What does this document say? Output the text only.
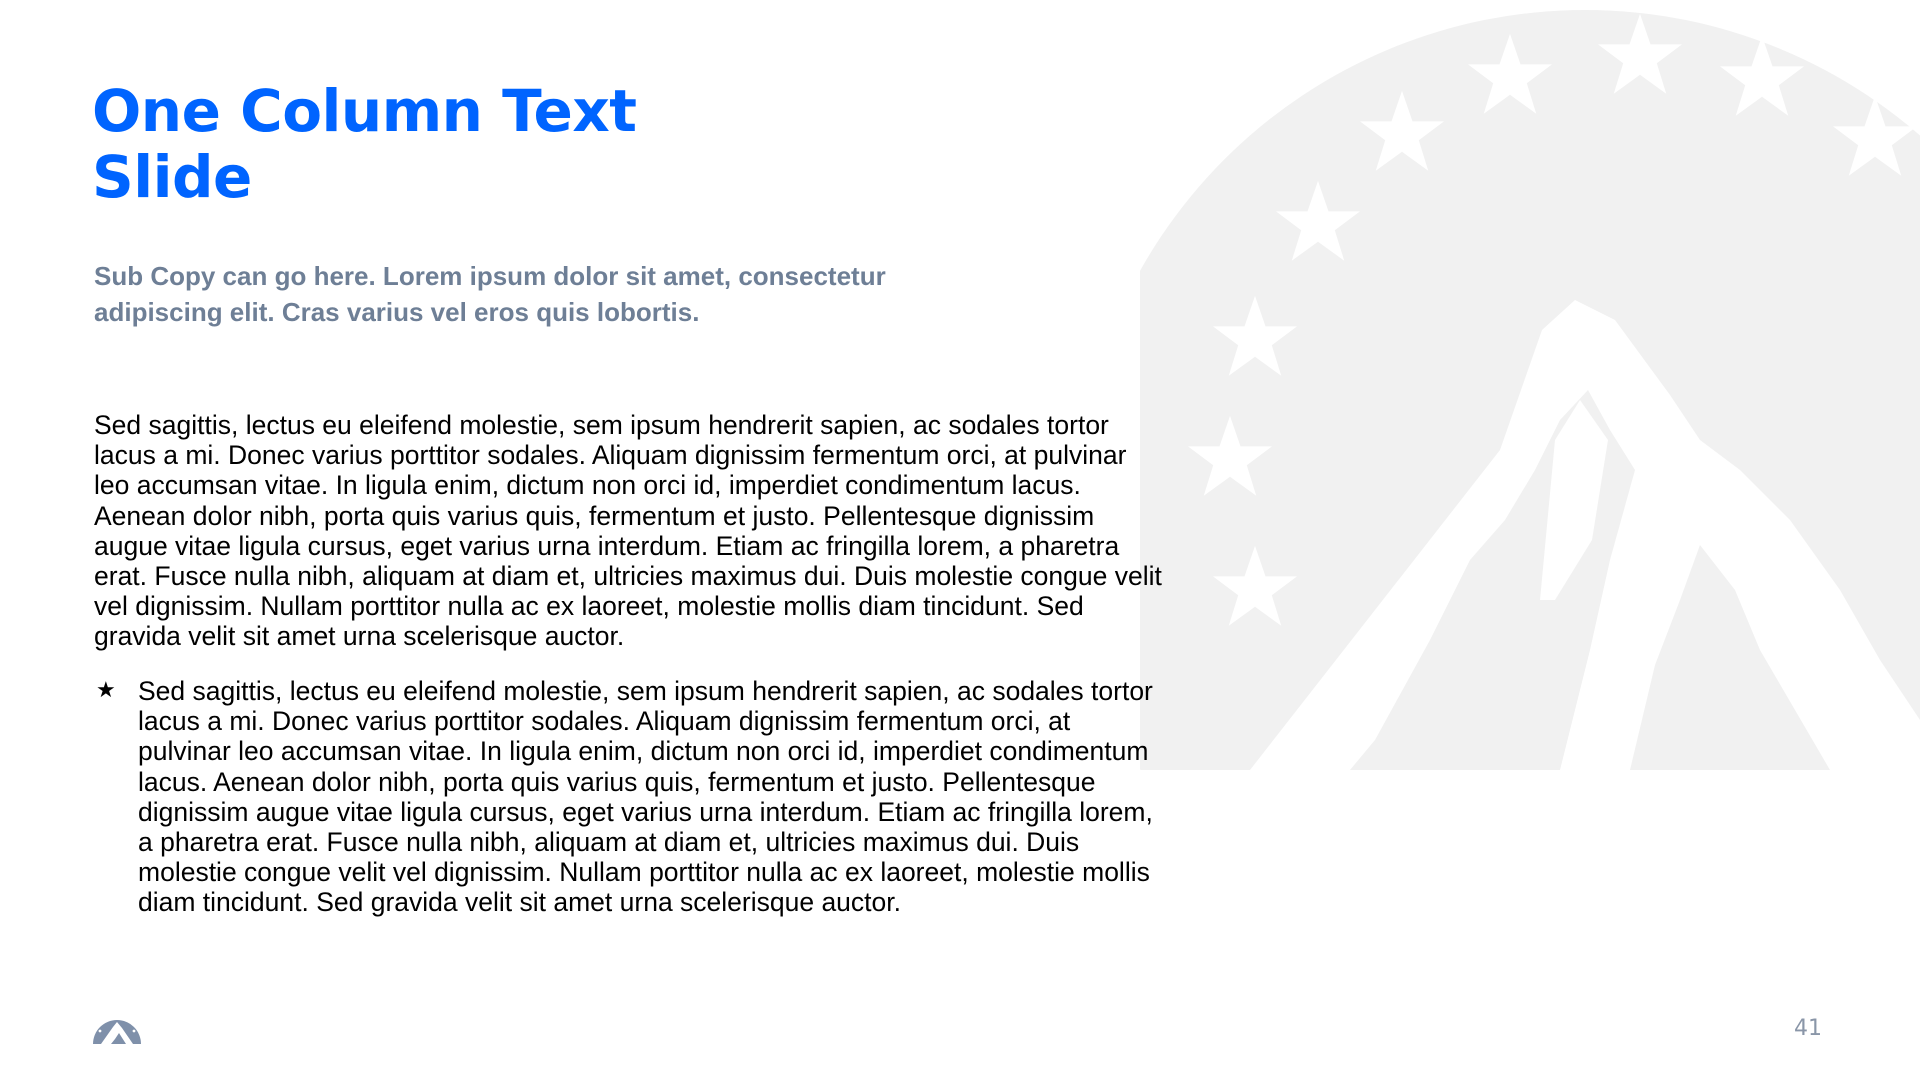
One Column Text
Slide
Sub Copy can go here. Lorem ipsum dolor sit amet, consectetur
adipiscing elit. Cras varius vel eros quis lobortis.
Sed sagittis, lectus eu eleifend molestie, sem ipsum hendrerit sapien, ac sodales tortor
lacus a mi. Donec varius porttitor sodales. Aliquam dignissim fermentum orci, at pulvinar
leo accumsan vitae. In ligula enim, dictum non orci id, imperdiet condimentum lacus.
Aenean dolor nibh, porta quis varius quis, fermentum et justo. Pellentesque dignissim
augue vitae ligula cursus, eget varius urna interdum. Etiam ac fringilla lorem, a pharetra
erat. Fusce nulla nibh, aliquam at diam et, ultricies maximus dui. Duis molestie congue velit
vel dignissim. Nullam porttitor nulla ac ex laoreet, molestie mollis diam tincidunt. Sed
gravida velit sit amet urna scelerisque auctor.
★ Sed sagittis, lectus eu eleifend molestie, sem ipsum hendrerit sapien, ac sodales tortor
lacus a mi. Donec varius porttitor sodales. Aliquam dignissim fermentum orci, at
pulvinar leo accumsan vitae. In ligula enim, dictum non orci id, imperdiet condimentum
lacus. Aenean dolor nibh, porta quis varius quis, fermentum et justo. Pellentesque
dignissim augue vitae ligula cursus, eget varius urna interdum. Etiam ac fringilla lorem,
a pharetra erat. Fusce nulla nibh, aliquam at diam et, ultricies maximus dui. Duis
molestie congue velit vel dignissim. Nullam porttitor nulla ac ex laoreet, molestie mollis
diam tincidunt. Sed gravida velit sit amet urna scelerisque auctor.
41
